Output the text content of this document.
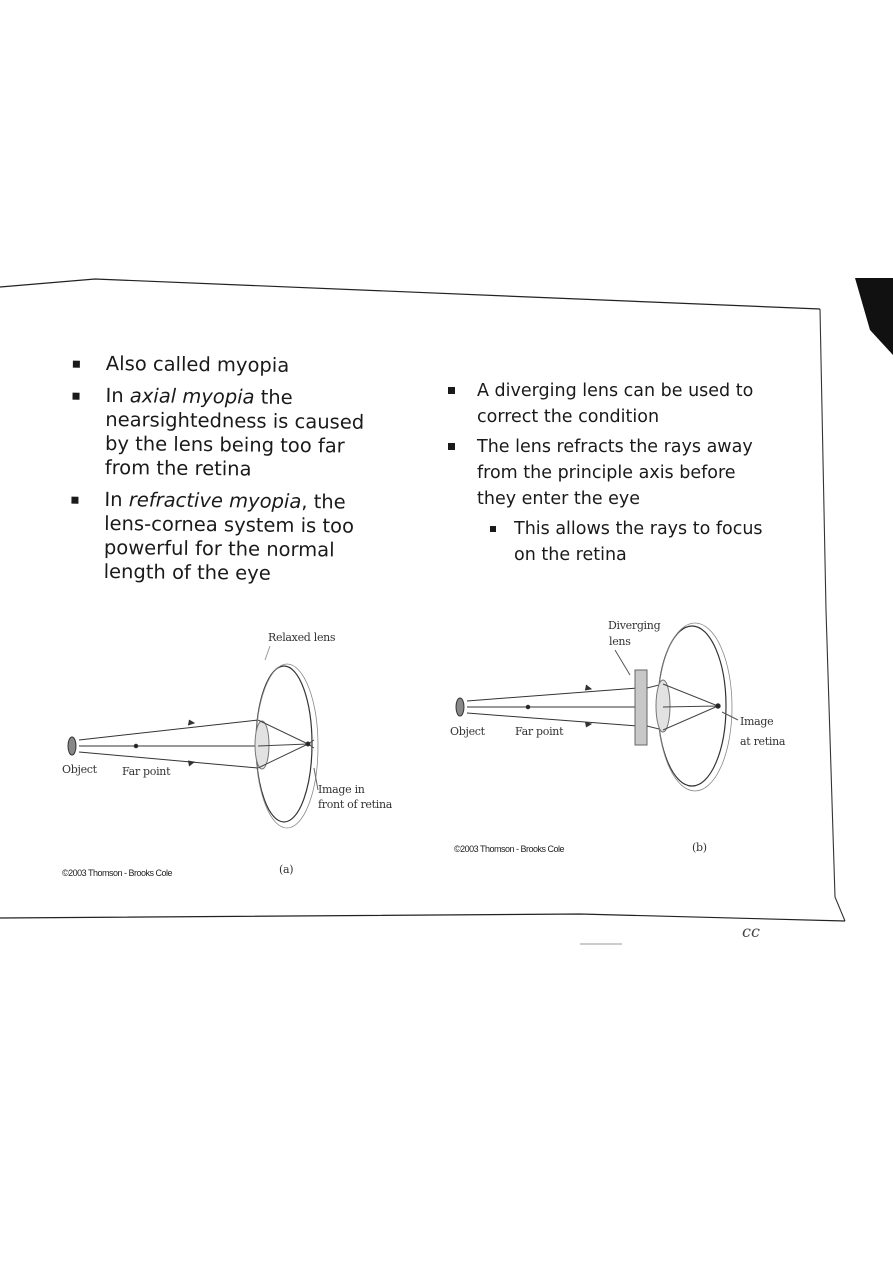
Also called myopia
In axial myopia the nearsightedness is caused by the lens being too far from the retina
In refractive myopia, the lens-cornea system is too powerful for the normal length of the eye
A diverging lens can be used to correct the condition
The lens refracts the rays away from the principle axis before they enter the eye
This allows the rays to focus on the retina
Relaxed lens
Object Far point
Image in
front of retina
©2003 Thomson - Brooks Cole	(a)
Diverging
lens
Object	Far point
Image
at retina
©2003 Thomson - Brooks Cole	(b)
cc
